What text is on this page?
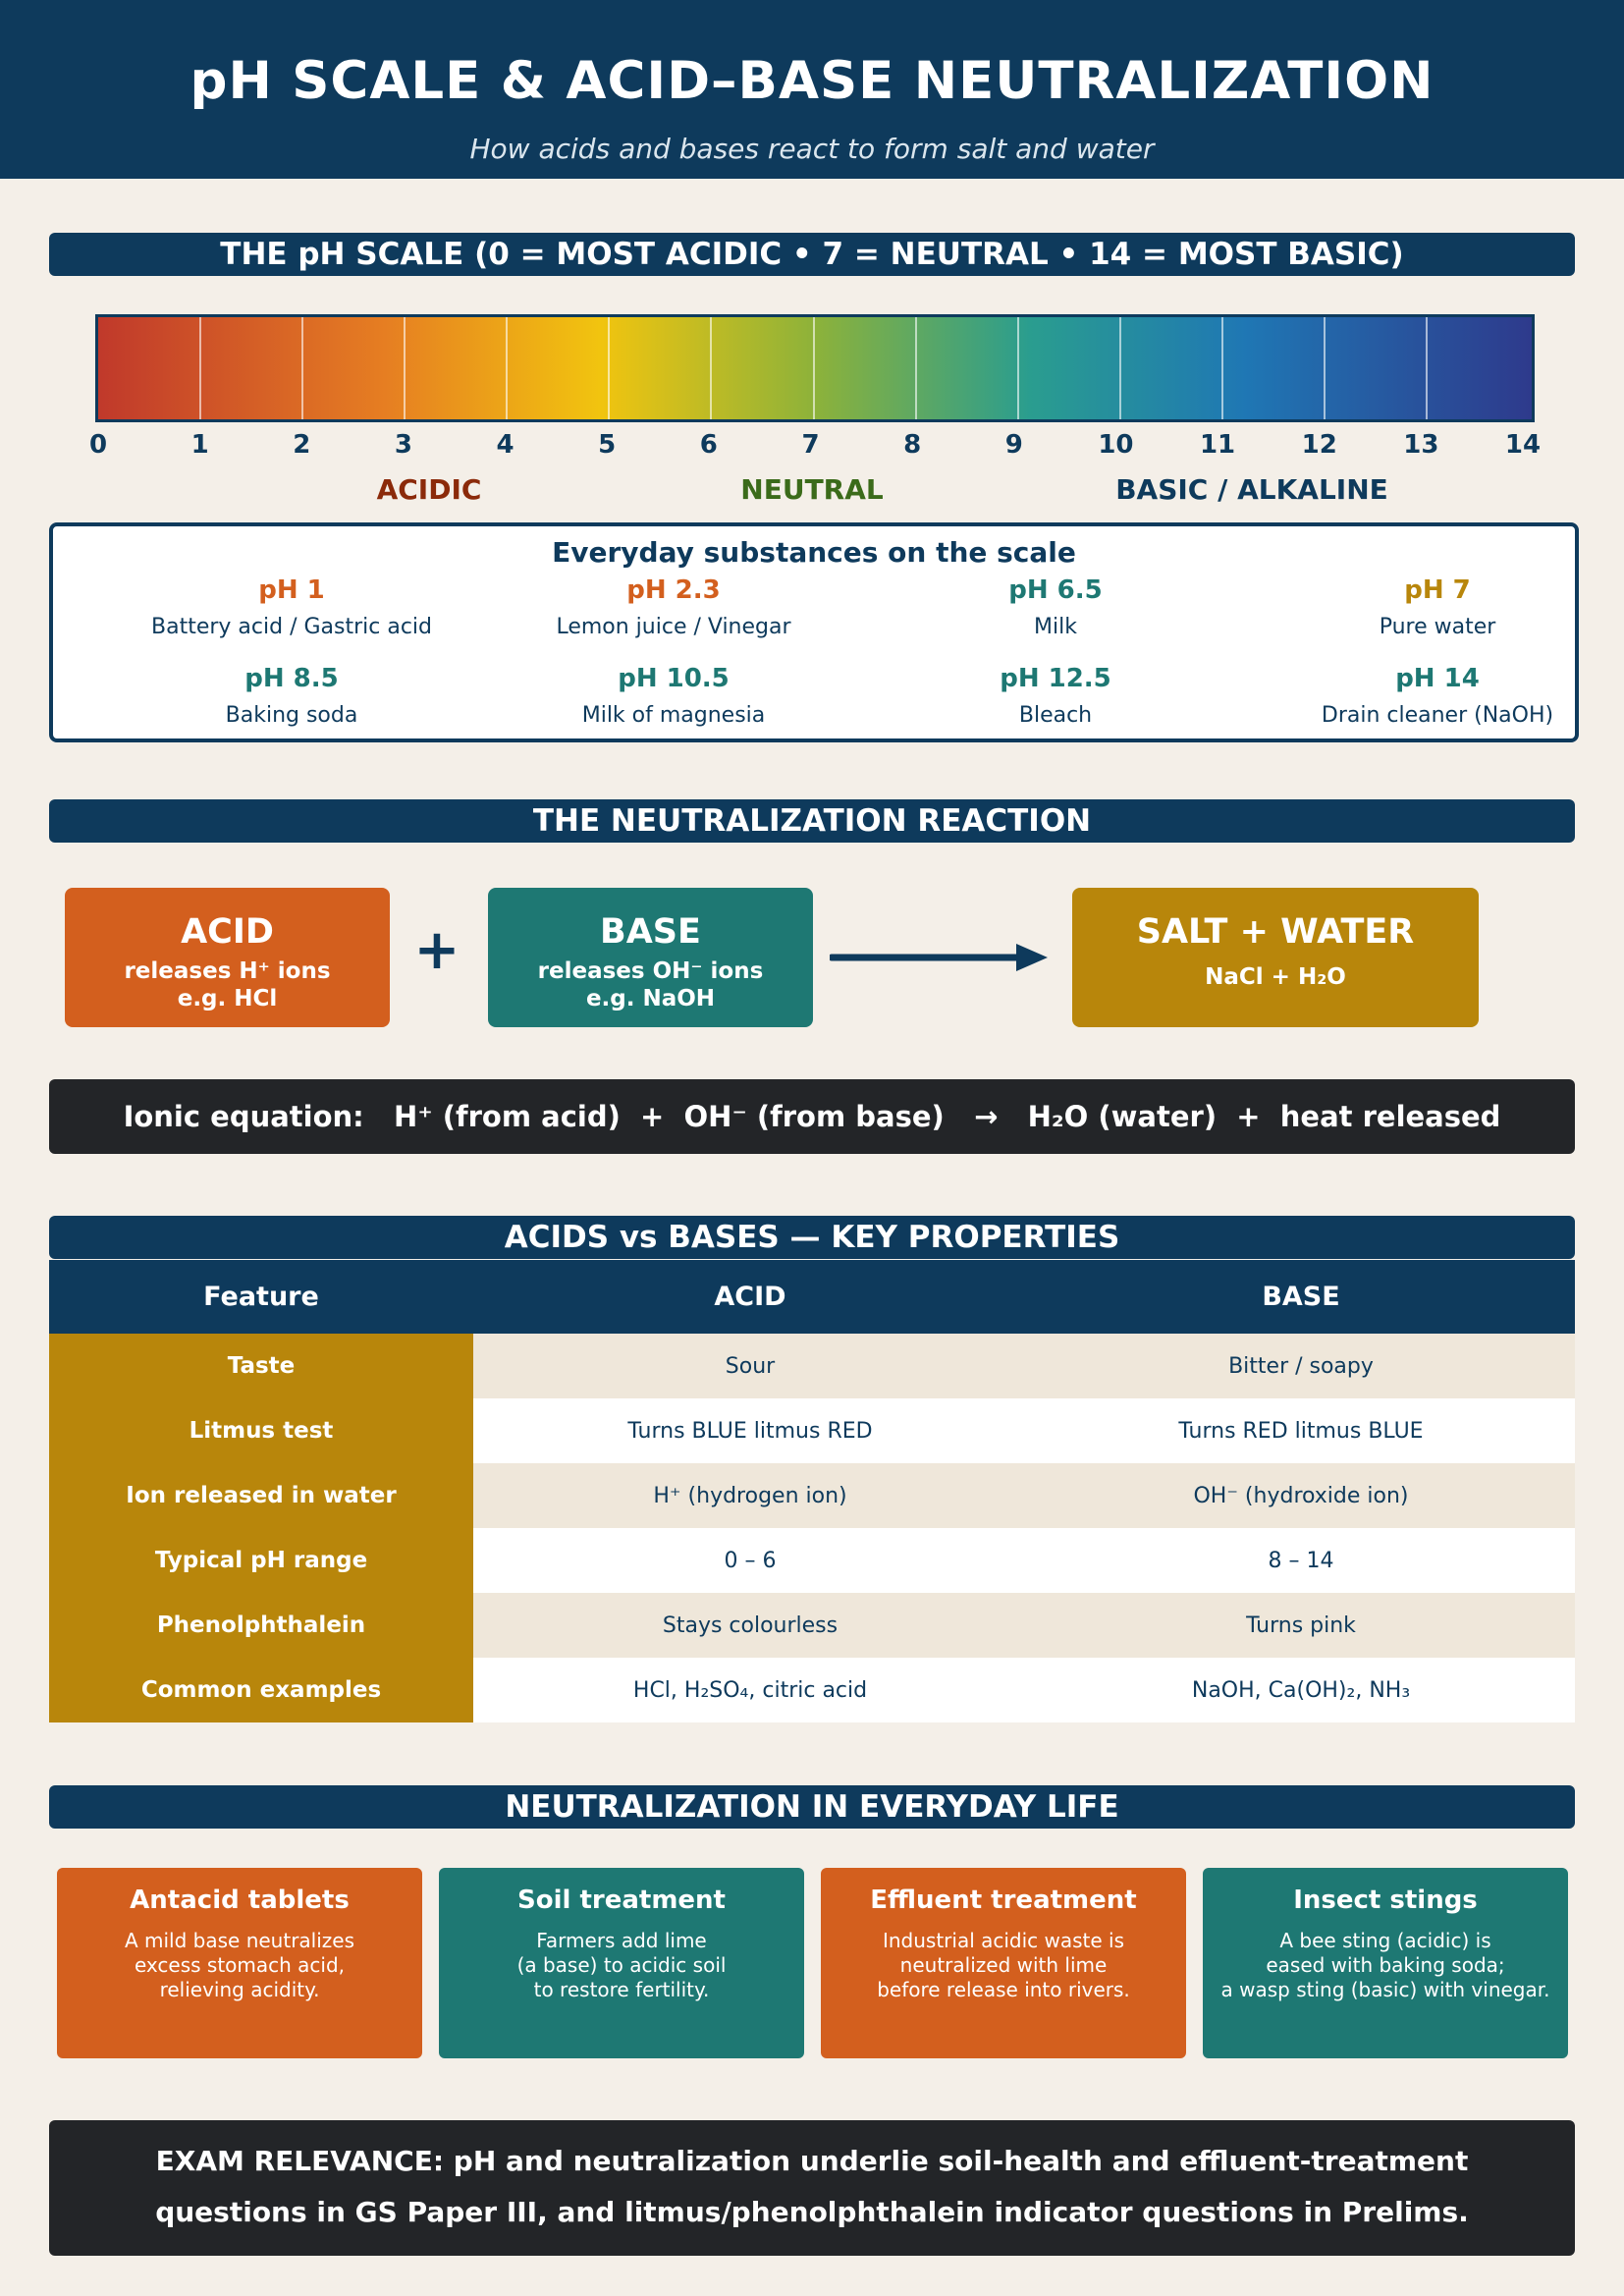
pH SCALE & ACID–BASE NEUTRALIZATION
How acids and bases react to form salt and water
THE pH SCALE (0 = MOST ACIDIC • 7 = NEUTRAL • 14 = MOST BASIC)
0	1	2	3	4	5	6	7	8	9	10	11	12	13	14
ACIDIC	NEUTRAL	BASIC / ALKALINE
Everyday substances on the scale
pH 1
Battery acid / Gastric acid
pH 2.3
Lemon juice / Vinegar
pH 6.5
Milk
pH 7
Pure water
pH 8.5
Baking soda
pH 10.5
Milk of magnesia
pH 12.5
Bleach
pH 14
Drain cleaner (NaOH)
THE NEUTRALIZATION REACTION
ACID
releases H⁺ ions
e.g. HCl
+	BASE
releases OH⁻ ions
e.g. NaOH
SALT + WATER
NaCl + H₂O
Ionic equation:   H⁺ (from acid)  +  OH⁻ (from base)   →   H₂O (water)  +  heat released
ACIDS vs BASES — KEY PROPERTIES
Feature	ACID	BASE
Taste	Sour	Bitter / soapy
Litmus test	Turns BLUE litmus RED	Turns RED litmus BLUE
Ion released in water	H⁺ (hydrogen ion)	OH⁻ (hydroxide ion)
Typical pH range	0 – 6	8 – 14
Phenolphthalein	Stays colourless	Turns pink
Common examples	HCl, H₂SO₄, citric acid	NaOH, Ca(OH)₂, NH₃
NEUTRALIZATION IN EVERYDAY LIFE
Antacid tablets
A mild base neutralizes
excess stomach acid,
relieving acidity.
Soil treatment
Farmers add lime
(a base) to acidic soil
to restore fertility.
Effluent treatment
Industrial acidic waste is
neutralized with lime
before release into rivers.
Insect stings
A bee sting (acidic) is
eased with baking soda;
a wasp sting (basic) with vinegar.
EXAM RELEVANCE: pH and neutralization underlie soil-health and effluent-treatment
questions in GS Paper III, and litmus/phenolphthalein indicator questions in Prelims.
